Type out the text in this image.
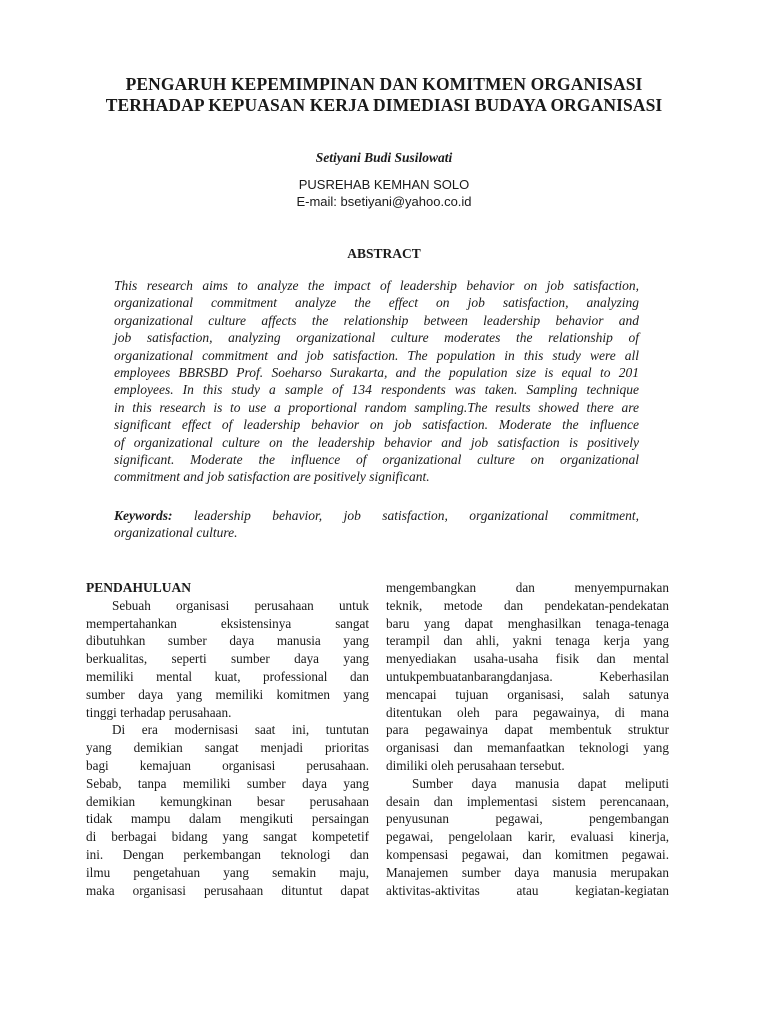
PENGARUH KEPEMIMPINAN DAN KOMITMEN ORGANISASI
TERHADAP KEPUASAN KERJA DIMEDIASI BUDAYA ORGANISASI
Setiyani Budi Susilowati
PUSREHAB KEMHAN SOLO
E-mail: bsetiyani@yahoo.co.id
ABSTRACT
This research aims to analyze the impact of leadership behavior on job satisfaction,
organizational commitment analyze the effect on job satisfaction, analyzing
organizational culture affects the relationship between leadership behavior and
job satisfaction, analyzing organizational culture moderates the relationship of
organizational commitment and job satisfaction. The population in this study were all
employees BBRSBD Prof. Soeharso Surakarta, and the population size is equal to 201
employees. In this study a sample of 134 respondents was taken. Sampling technique
in this research is to use a proportional random sampling.The results showed there are
significant effect of leadership behavior on job satisfaction. Moderate the influence
of organizational culture on the leadership behavior and job satisfaction is positively
significant. Moderate the influence of organizational culture on organizational
commitment and job satisfaction are positively significant.
Keywords: leadership behavior, job satisfaction, organizational commitment,
organizational culture.
PENDAHULUAN
Sebuah organisasi perusahaan untuk
mempertahankan eksistensinya sangat
dibutuhkan sumber daya manusia yang
berkualitas, seperti sumber daya yang
memiliki mental kuat, professional dan
sumber daya yang memiliki komitmen yang
tinggi terhadap perusahaan.
Di era modernisasi saat ini, tuntutan
yang demikian sangat menjadi prioritas
bagi kemajuan organisasi perusahaan.
Sebab, tanpa memiliki sumber daya yang
demikian kemungkinan besar perusahaan
tidak mampu dalam mengikuti persaingan
di berbagai bidang yang sangat kompetetif
ini. Dengan perkembangan teknologi dan
ilmu pengetahuan yang semakin maju,
maka organisasi perusahaan dituntut dapat
mengembangkan dan menyempurnakan
teknik, metode dan pendekatan-pendekatan
baru yang dapat menghasilkan tenaga-tenaga
terampil dan ahli, yakni tenaga kerja yang
menyediakan usaha-usaha fisik dan mental
untukpembuatanbarangdanjasa. Keberhasilan
mencapai tujuan organisasi, salah satunya
ditentukan oleh para pegawainya, di mana
para pegawainya dapat membentuk struktur
organisasi dan memanfaatkan teknologi yang
dimiliki oleh perusahaan tersebut.
Sumber daya manusia dapat meliputi
desain dan implementasi sistem perencanaan,
penyusunan pegawai, pengembangan
pegawai, pengelolaan karir, evaluasi kinerja,
kompensasi pegawai, dan komitmen pegawai.
Manajemen sumber daya manusia merupakan
aktivitas-aktivitas atau kegiatan-kegiatan
